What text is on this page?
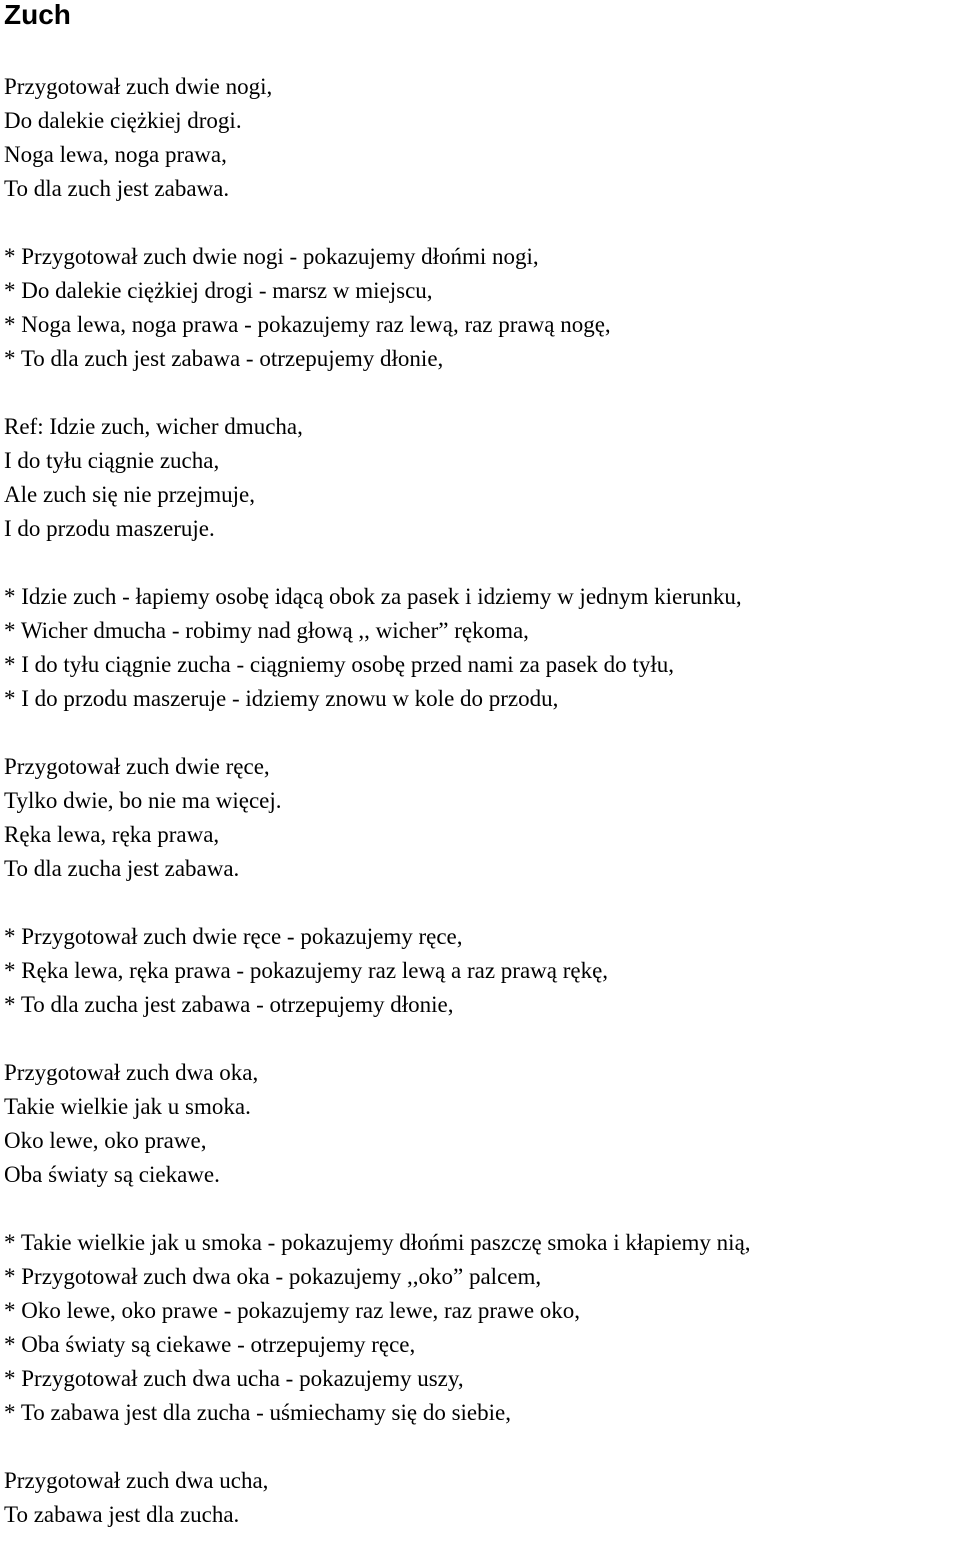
Zuch
Przygotował zuch dwie nogi,
Do dalekie ciężkiej drogi.
Noga lewa, noga prawa,
To dla zuch jest zabawa.
* Przygotował zuch dwie nogi - pokazujemy dłońmi nogi,
* Do dalekie ciężkiej drogi - marsz w miejscu,
* Noga lewa, noga prawa - pokazujemy raz lewą, raz prawą nogę,
* To dla zuch jest zabawa - otrzepujemy dłonie,
Ref: Idzie zuch, wicher dmucha,
I do tyłu ciągnie zucha,
Ale zuch się nie przejmuje,
I do przodu maszeruje.
* Idzie zuch - łapiemy osobę idącą obok za pasek i idziemy w jednym kierunku,
* Wicher dmucha - robimy nad głową ,, wicher” rękoma,
* I do tyłu ciągnie zucha - ciągniemy osobę przed nami za pasek do tyłu,
* I do przodu maszeruje - idziemy znowu w kole do przodu,
Przygotował zuch dwie ręce,
Tylko dwie, bo nie ma więcej.
Ręka lewa, ręka prawa,
To dla zucha jest zabawa.
* Przygotował zuch dwie ręce - pokazujemy ręce,
* Ręka lewa, ręka prawa - pokazujemy raz lewą a raz prawą rękę,
* To dla zucha jest zabawa - otrzepujemy dłonie,
Przygotował zuch dwa oka,
Takie wielkie jak u smoka.
Oko lewe, oko prawe,
Oba światy są ciekawe.
* Takie wielkie jak u smoka - pokazujemy dłońmi paszczę smoka i kłapiemy nią,
* Przygotował zuch dwa oka - pokazujemy ,,oko” palcem,
* Oko lewe, oko prawe - pokazujemy raz lewe, raz prawe oko,
* Oba światy są ciekawe - otrzepujemy ręce,
* Przygotował zuch dwa ucha - pokazujemy uszy,
* To zabawa jest dla zucha - uśmiechamy się do siebie,
Przygotował zuch dwa ucha,
To zabawa jest dla zucha.
